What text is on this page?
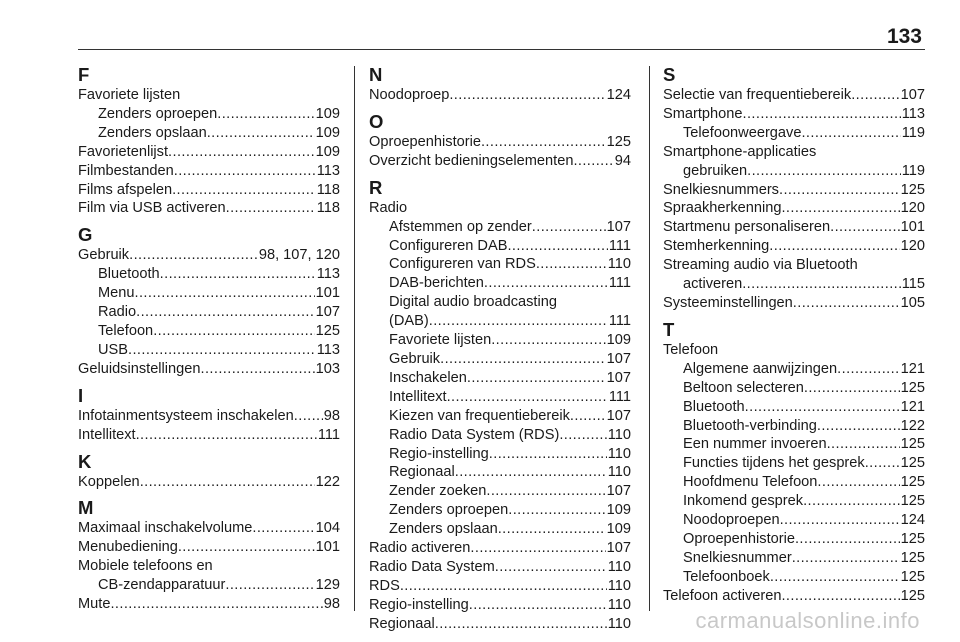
133
F
Favoriete lijsten
Zenders oproepen .....	109
Zenders opslaan .....	109
Favorietenlijst .....	109
Filmbestanden .....	113
Films afspelen .....	118
Film via USB activeren .....	118
G
Gebruik .....	98, 107, 120
Bluetooth .....	113
Menu .....	101
Radio .....	107
Telefoon .....	125
USB .....	113
Geluidsinstellingen .....	103
I
Infotainmentsysteem inschakelen ..... 98
Intellitext .....	111
K
Koppelen .....	122
M
Maximaal inschakelvolume .....	104
Menubediening .....	101
Mobiele telefoons en
CB-zendapparatuur .....	129
Mute .....	98
N
Noodoproep .....	124
O
Oproepenhistorie .....	125
Overzicht bedieningselementen .....	94
R
Radio
Afstemmen op zender .....	107
Configureren DAB .....	111
Configureren van RDS .....	110
DAB-berichten .....	111
Digital audio broadcasting
(DAB) .....	111
Favoriete lijsten .....	109
Gebruik .....	107
Inschakelen .....	107
Intellitext .....	111
Kiezen van frequentiebereik .....	107
Radio Data System (RDS) .....	110
Regio-instelling .....	110
Regionaal .....	110
Zender zoeken .....	107
Zenders oproepen .....	109
Zenders opslaan .....	109
Radio activeren .....	107
Radio Data System .....	110
RDS .....	110
Regio-instelling .....	110
Regionaal .....	110
S
Selectie van frequentiebereik .....	107
Smartphone .....	113
Telefoonweergave .....	119
Smartphone-applicaties
gebruiken .....	119
Snelkiesnummers .....	125
Spraakherkenning .....	120
Startmenu personaliseren .....	101
Stemherkenning .....	120
Streaming audio via Bluetooth
activeren .....	115
Systeeminstellingen .....	105
T
Telefoon
Algemene aanwijzingen .....	121
Beltoon selecteren .....	125
Bluetooth .....	121
Bluetooth-verbinding .....	122
Een nummer invoeren .....	125
Functies tijdens het gesprek ..... 125
Hoofdmenu Telefoon .....	125
Inkomend gesprek .....	125
Noodoproepen .....	124
Oproepenhistorie .....	125
Snelkiesnummer .....	125
Telefoonboek .....	125
Telefoon activeren .....	125
carmanualsonline.info
